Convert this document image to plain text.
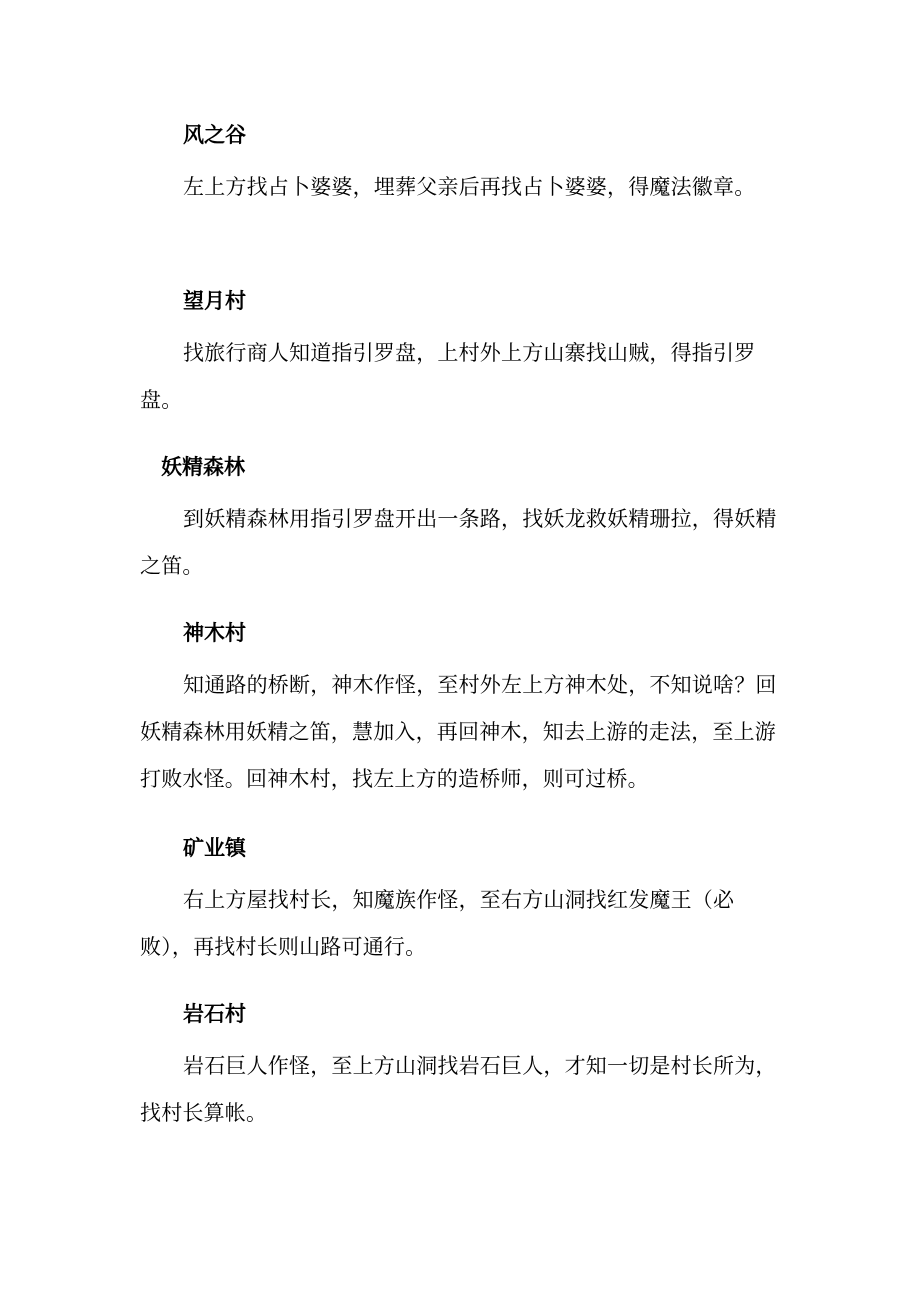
风之谷

左上方找占卜婆婆，埋葬父亲后再找占卜婆婆，得魔法徽章。

望月村

找旅行商人知道指引罗盘，上村外上方山寨找山贼，得指引罗盘。

妖精森林

到妖精森林用指引罗盘开出一条路，找妖龙救妖精珊拉，得妖精之笛。

神木村

知通路的桥断，神木作怪，至村外左上方神木处，不知说啥？回妖精森林用妖精之笛，慧加入，再回神木，知去上游的走法，至上游打败水怪。回神木村，找左上方的造桥师，则可过桥。

矿业镇

右上方屋找村长，知魔族作怪，至右方山洞找红发魔王（必败），再找村长则山路可通行。

岩石村

岩石巨人作怪，至上方山洞找岩石巨人，才知一切是村长所为，找村长算帐。
